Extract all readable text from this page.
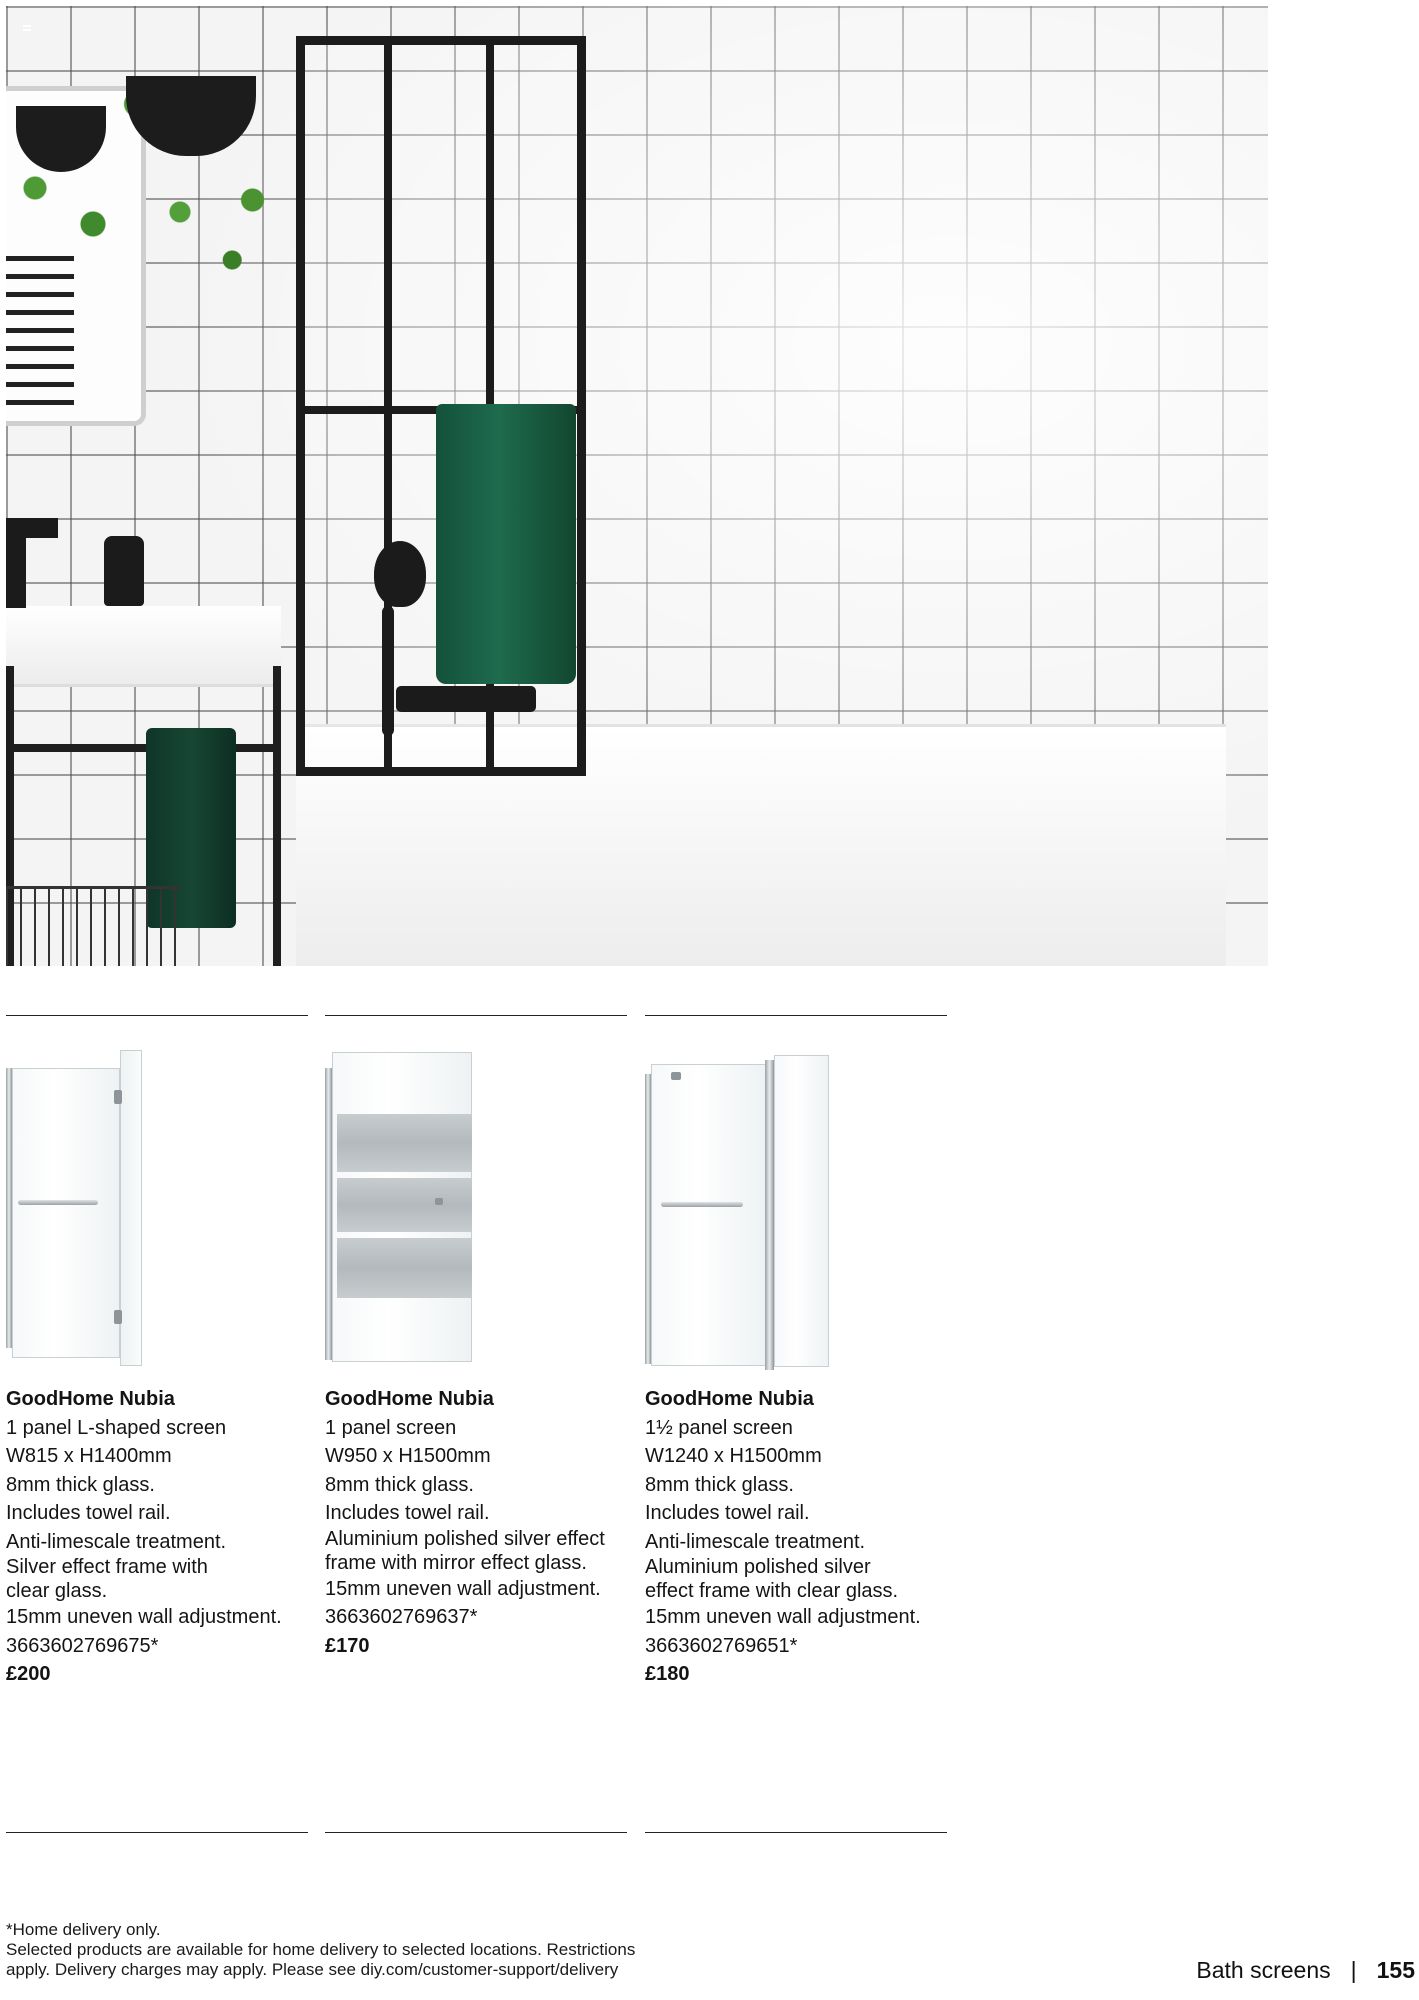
GoodHome Nubia
1 panel L-shaped screen
W815 x H1400mm
8mm thick glass.
Includes towel rail.
Anti-limescale treatment.
Silver effect frame with
clear glass.
15mm uneven wall adjustment.
3663602769675*
£200
GoodHome Nubia
1 panel screen
W950 x H1500mm
8mm thick glass.
Includes towel rail.
Aluminium polished silver effect
frame with mirror effect glass.
15mm uneven wall adjustment.
3663602769637*
£170
GoodHome Nubia
1½ panel screen
W1240 x H1500mm
8mm thick glass.
Includes towel rail.
Anti-limescale treatment.
Aluminium polished silver
effect frame with clear glass.
15mm uneven wall adjustment.
3663602769651*
£180
*Home delivery only.
Selected products are available for home delivery to selected locations. Restrictions
apply. Delivery charges may apply. Please see diy.com/customer-support/delivery	Bath screens | 155
